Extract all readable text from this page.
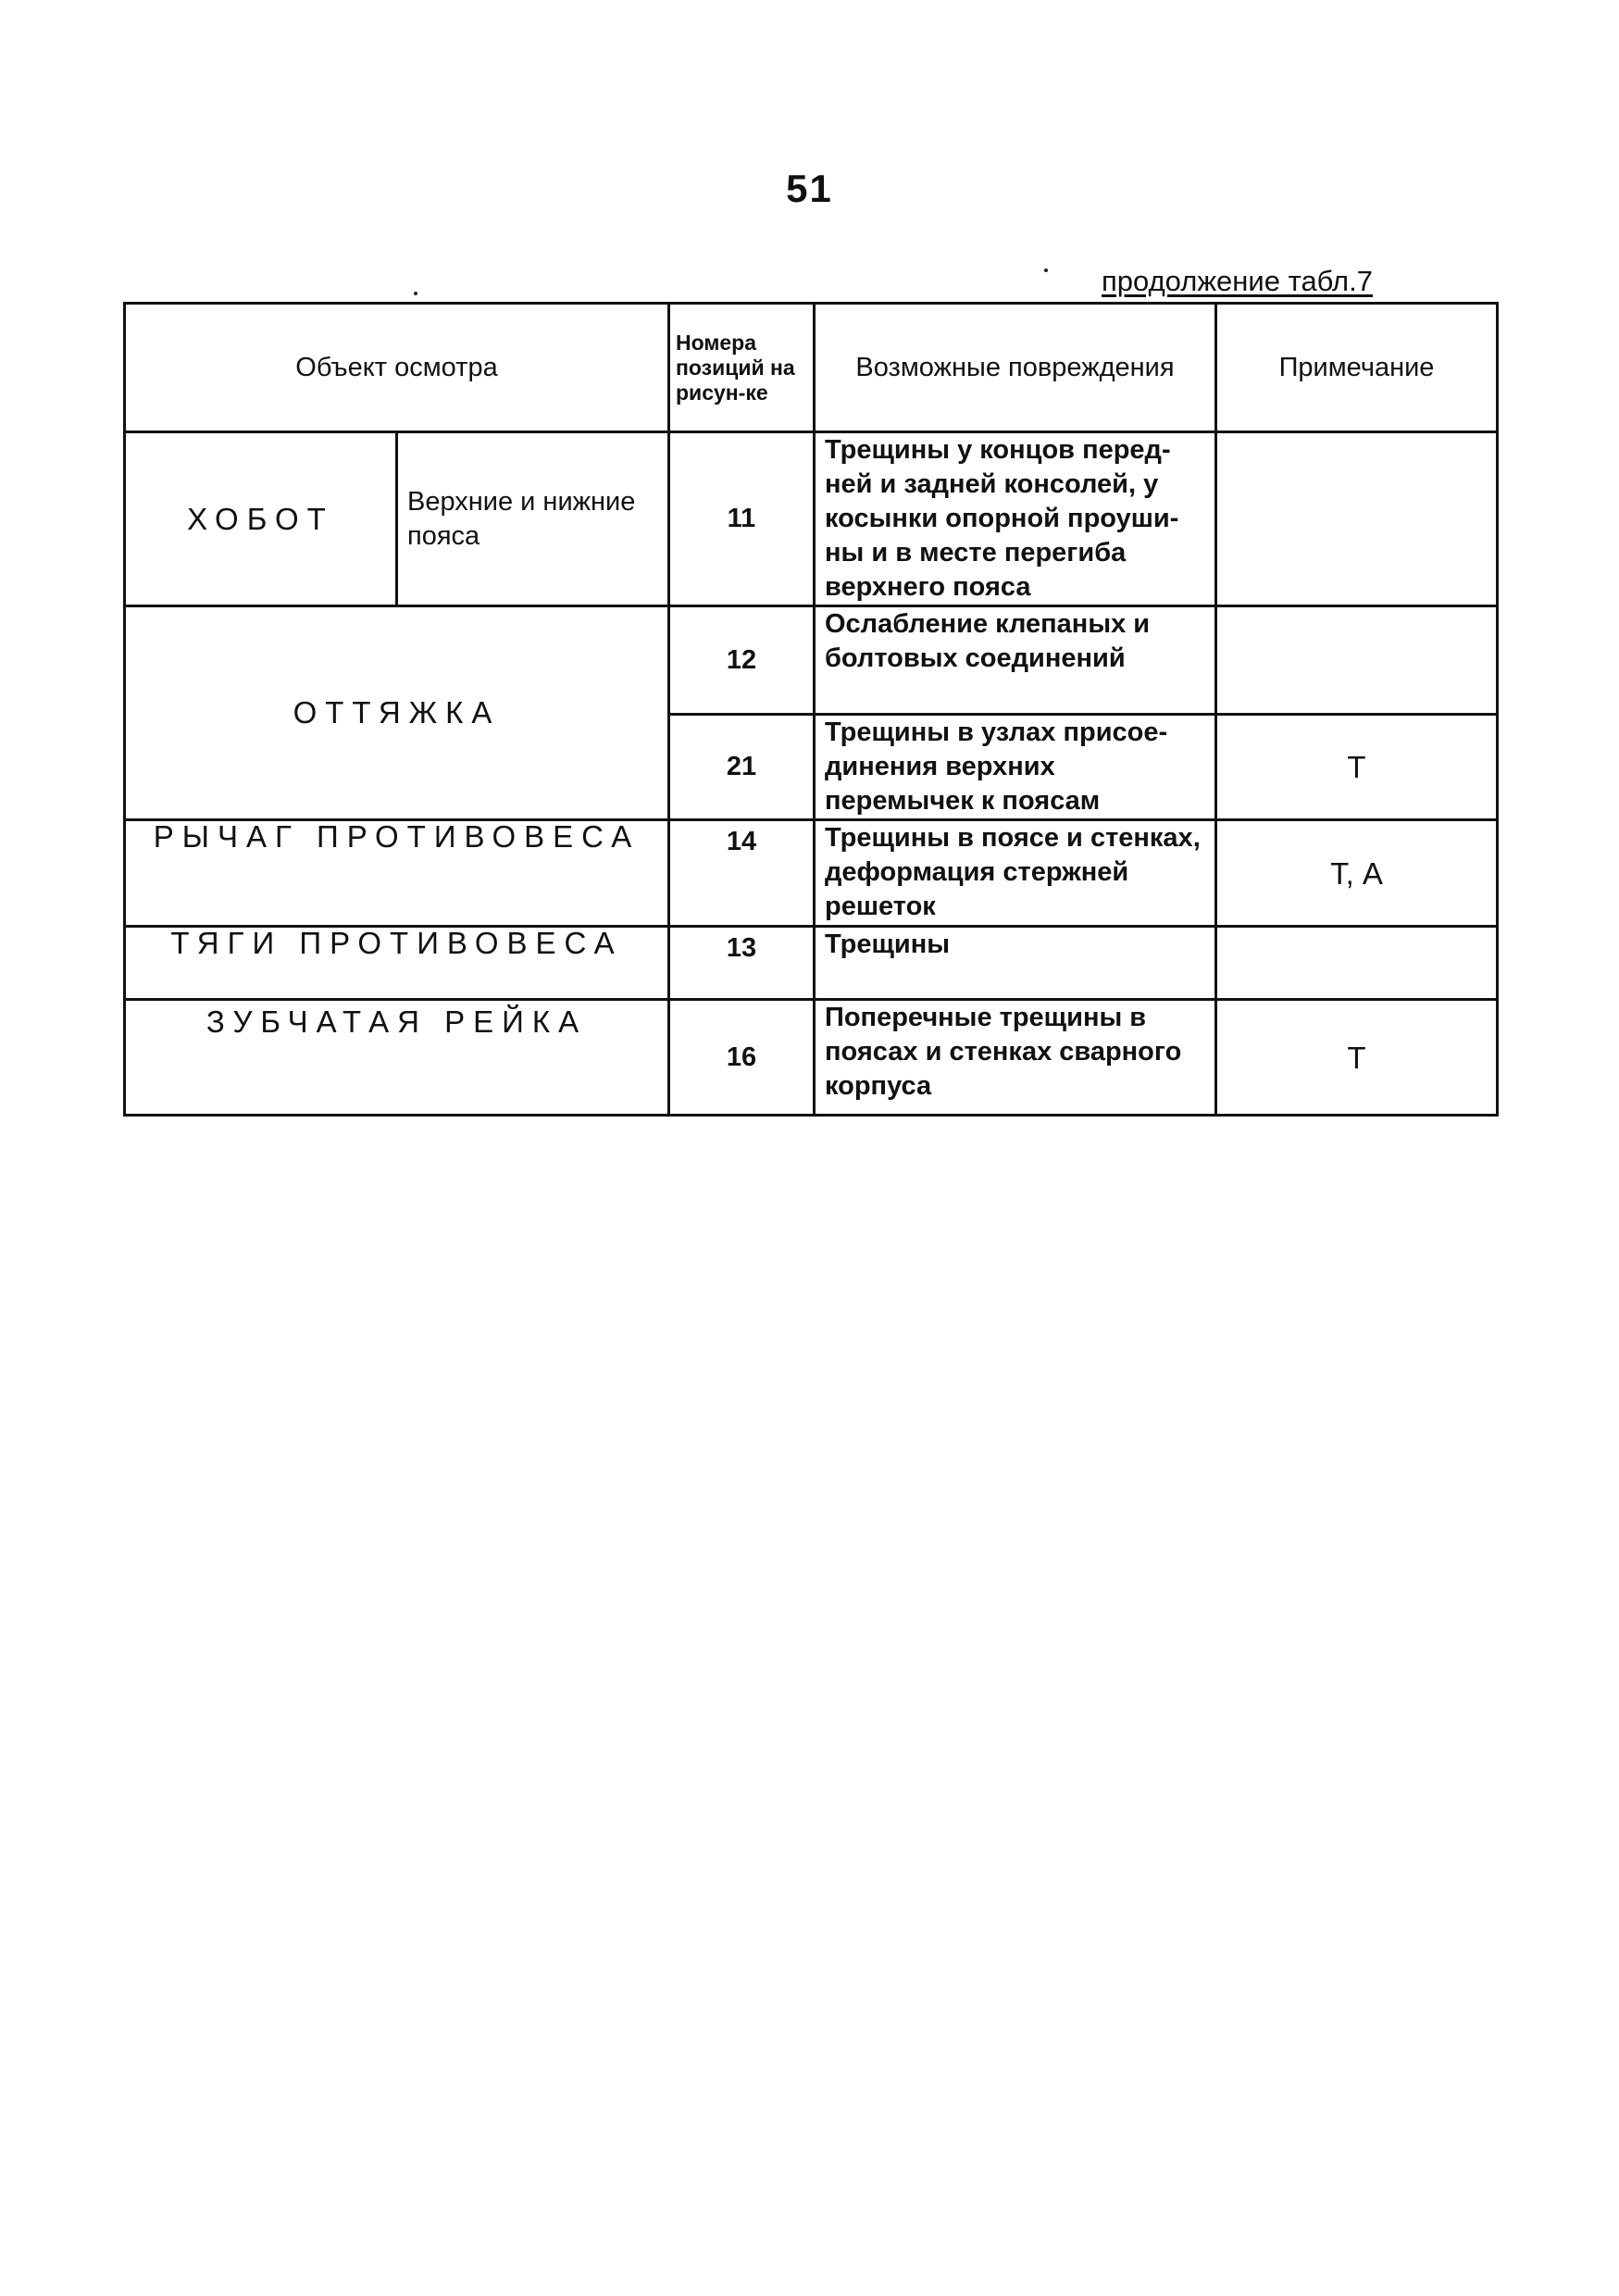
51
продолжение табл.7
Объект осмотра		Номера позиций на рисун-ке	Возможные повреждения	Примечание
ХОБОТ	Верхние и нижние пояса	11	Трещины у концов перед-ней и задней консолей, у косынки опорной проуши-ны и в месте перегиба верхнего пояса	
ОТТЯЖКА		12	Ослабление клепаных и болтовых соединений	
		21	Трещины в узлах присое-динения верхних перемычек к поясам	Т
РЫЧАГ ПРОТИВОВЕСА		14	Трещины в поясе и стенках, деформация стержней решеток	Т, А
ТЯГИ ПРОТИВОВЕСА		13	Трещины	
ЗУБЧАТАЯ РЕЙКА		16	Поперечные трещины в поясах и стенках сварного корпуса	Т
